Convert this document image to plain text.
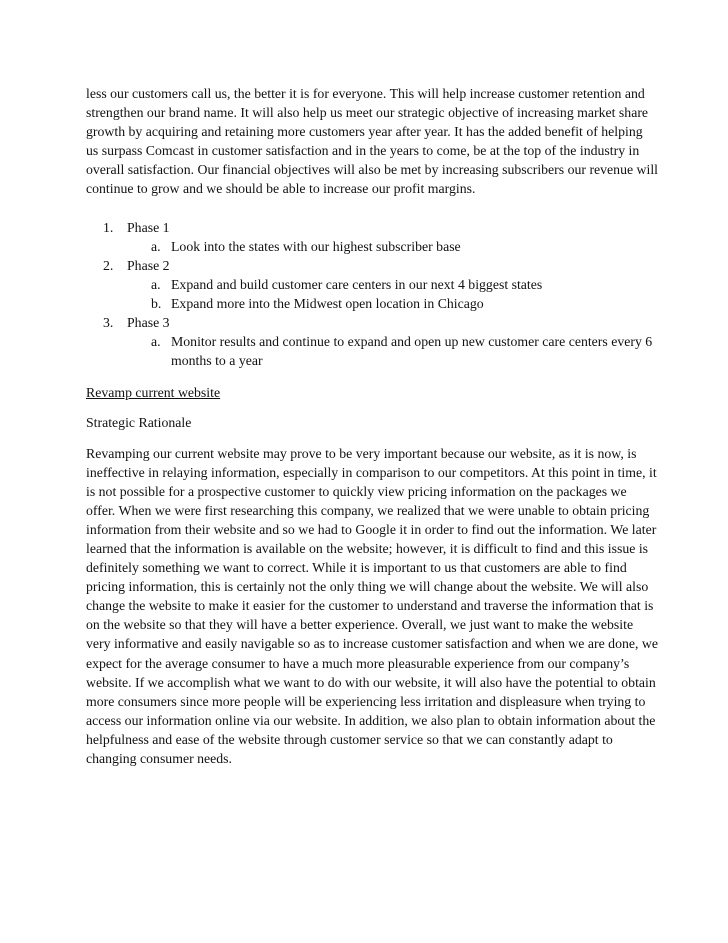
less our customers call us, the better it is for everyone. This will help increase customer retention and strengthen our brand name. It will also help us meet our strategic objective of increasing market share growth by acquiring and retaining more customers year after year. It has the added benefit of helping us surpass Comcast in customer satisfaction and in the years to come, be at the top of the industry in overall satisfaction. Our financial objectives will also be met by increasing subscribers our revenue will continue to grow and we should be able to increase our profit margins.

1. Phase 1
a. Look into the states with our highest subscriber base
2. Phase 2
a. Expand and build customer care centers in our next 4 biggest states
b. Expand more into the Midwest open location in Chicago
3. Phase 3
a. Monitor results and continue to expand and open up new customer care centers every 6 months to a year

Revamp current website

Strategic Rationale

Revamping our current website may prove to be very important because our website, as it is now, is ineffective in relaying information, especially in comparison to our competitors. At this point in time, it is not possible for a prospective customer to quickly view pricing information on the packages we offer. When we were first researching this company, we realized that we were unable to obtain pricing information from their website and so we had to Google it in order to find out the information. We later learned that the information is available on the website; however, it is difficult to find and this issue is definitely something we want to correct. While it is important to us that customers are able to find pricing information, this is certainly not the only thing we will change about the website. We will also change the website to make it easier for the customer to understand and traverse the information that is on the website so that they will have a better experience. Overall, we just want to make the website very informative and easily navigable so as to increase customer satisfaction and when we are done, we expect for the average consumer to have a much more pleasurable experience from our company’s website. If we accomplish what we want to do with our website, it will also have the potential to obtain more consumers since more people will be experiencing less irritation and displeasure when trying to access our information online via our website. In addition, we also plan to obtain information about the helpfulness and ease of the website through customer service so that we can constantly adapt to changing consumer needs.
